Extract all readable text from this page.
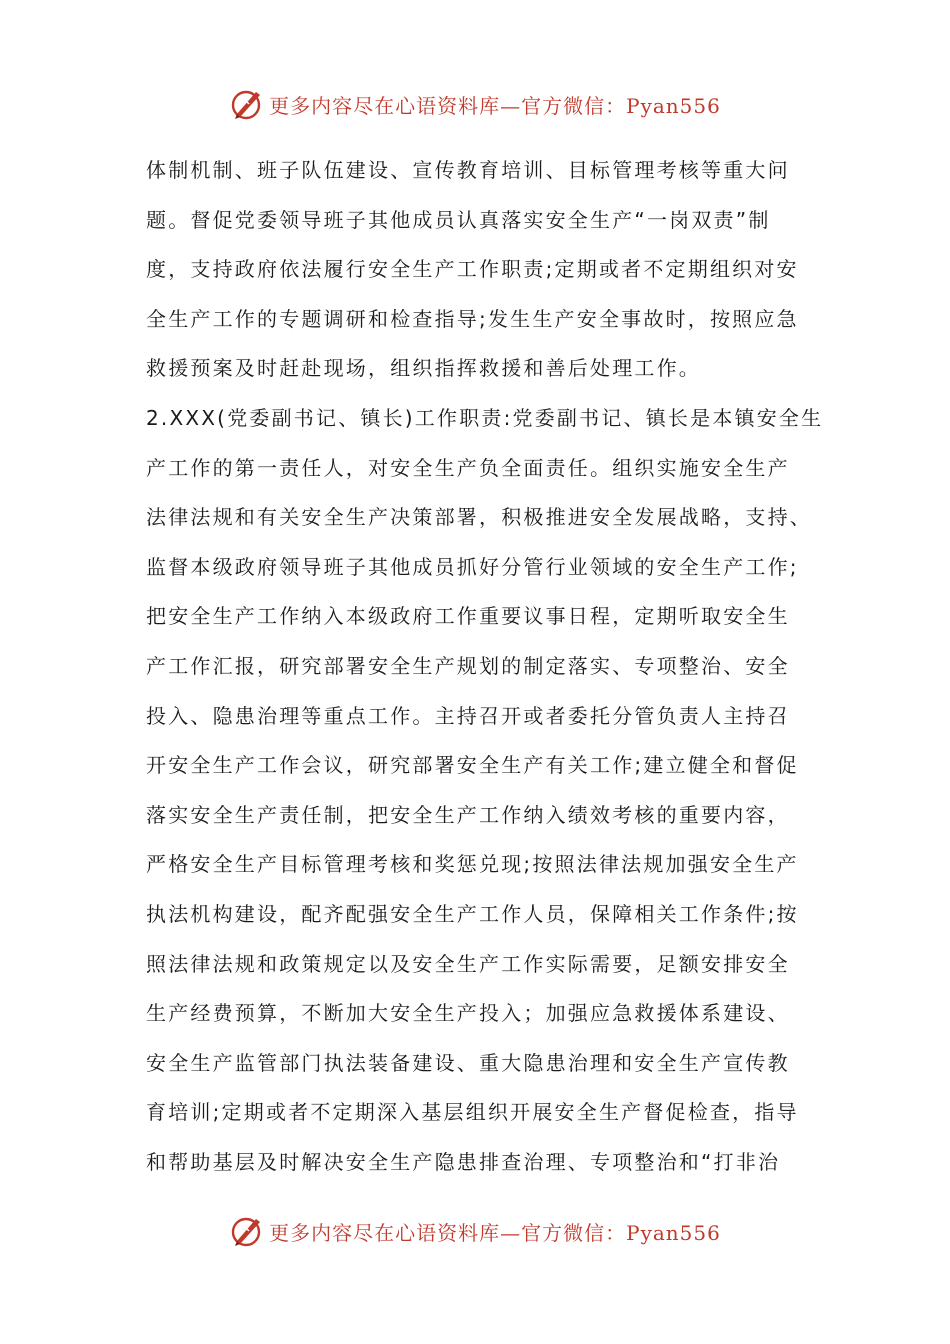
更多内容尽在心语资料库—官方微信：Pyan556
体制机制、班子队伍建设、宣传教育培训、目标管理考核等重大问
题。督促党委领导班子其他成员认真落实安全生产“一岗双责”制
度，支持政府依法履行安全生产工作职责;定期或者不定期组织对安
全生产工作的专题调研和检查指导;发生生产安全事故时，按照应急
救援预案及时赶赴现场，组织指挥救援和善后处理工作。
2.XXX(党委副书记、镇长)工作职责:党委副书记、镇长是本镇安全生
产工作的第一责任人，对安全生产负全面责任。组织实施安全生产
法律法规和有关安全生产决策部署，积极推进安全发展战略，支持、
监督本级政府领导班子其他成员抓好分管行业领域的安全生产工作;
把安全生产工作纳入本级政府工作重要议事日程，定期听取安全生
产工作汇报，研究部署安全生产规划的制定落实、专项整治、安全
投入、隐患治理等重点工作。主持召开或者委托分管负责人主持召
开安全生产工作会议，研究部署安全生产有关工作;建立健全和督促
落实安全生产责任制，把安全生产工作纳入绩效考核的重要内容，
严格安全生产目标管理考核和奖惩兑现;按照法律法规加强安全生产
执法机构建设，配齐配强安全生产工作人员，保障相关工作条件;按
照法律法规和政策规定以及安全生产工作实际需要，足额安排安全
生产经费预算，不断加大安全生产投入；加强应急救援体系建设、
安全生产监管部门执法装备建设、重大隐患治理和安全生产宣传教
育培训;定期或者不定期深入基层组织开展安全生产督促检查，指导
和帮助基层及时解决安全生产隐患排查治理、专项整治和“打非治
更多内容尽在心语资料库—官方微信：Pyan556
